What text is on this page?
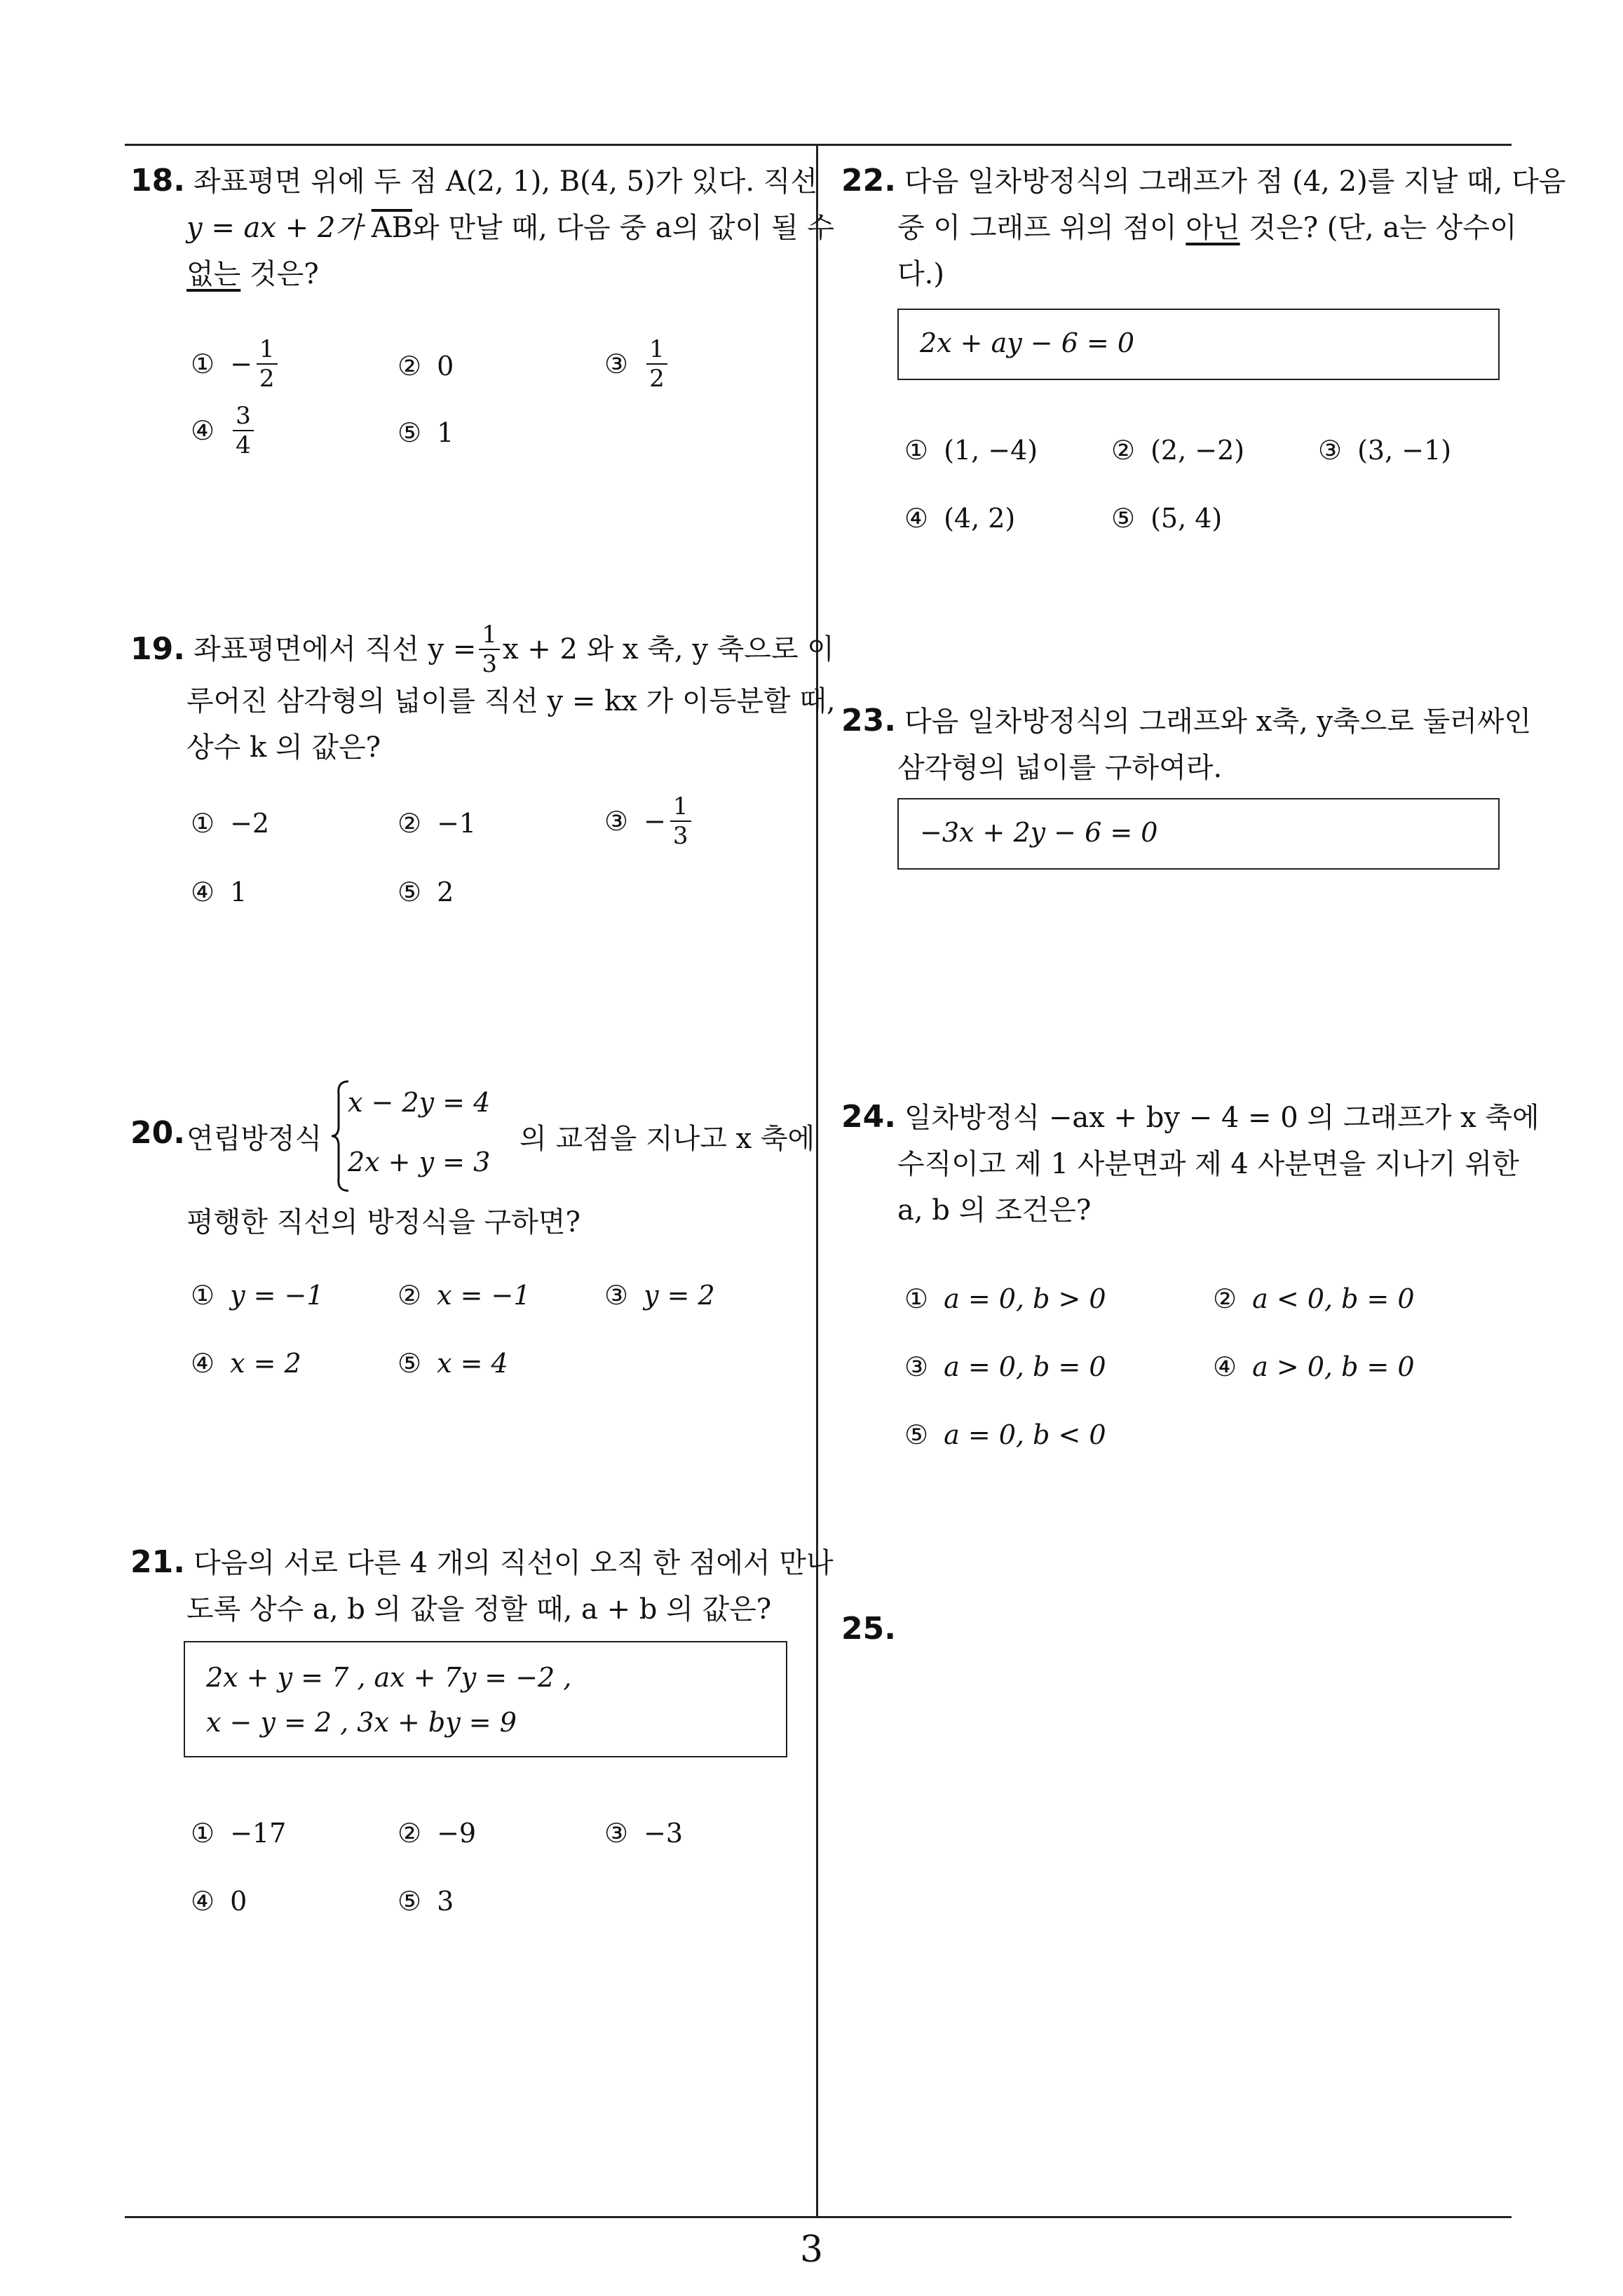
18. 좌표평면 위에 두 점 A(2, 1), B(4, 5)가 있다. 직선
y = ax + 2가 $\overline{AB}$와 만날 때, 다음 중 a의 값이 될 수
없는 것은?
① − $\frac{1}{2}$	② 0	③ $\frac{1}{2}$
④ $\frac{3}{4}$	⑤ 1
19. 좌표평면에서 직선 $y = \frac{1}{3}$ x + 2 와 x 축, y 축으로 이
루어진 삼각형의 넓이를 직선 y = kx 가 이등분할 때,
상수 k 의 값은?
① −2	② −1	③ − $\frac{1}{3}$
④ 1	⑤ 2
20. 연립방정식
x − 2y = 4
2x + y = 3
의 교점을 지나고 x 축에
평행한 직선의 방정식을 구하면?
① y = −1	② x = −1	③ y = 2
④ x = 2	⑤ x = 4
21. 다음의 서로 다른 4 개의 직선이 오직 한 점에서 만나
도록 상수 a, b 의 값을 정할 때, a + b 의 값은?
2x + y = 7 , ax + 7y = −2 ,
x − y = 2 , 3x + by = 9
① −17	② −9	③ −3
④ 0	⑤ 3
22. 다음 일차방정식의 그래프가 점 (4, 2)를 지날 때, 다음
중 이 그래프 위의 점이 아닌 것은? (단, a는 상수이
다.)
2x + ay − 6 = 0
① (1, −4)	② (2, −2)	③ (3, −1)
④ (4, 2)	⑤ (5, 4)
23. 다음 일차방정식의 그래프와 x축, y축으로 둘러싸인
삼각형의 넓이를 구하여라.
−3x + 2y − 6 = 0
24. 일차방정식 −ax + by − 4 = 0 의 그래프가 x 축에
수직이고 제 1 사분면과 제 4 사분면을 지나기 위한
a, b 의 조건은?
① a = 0, b > 0	② a < 0, b = 0
③ a = 0, b = 0	④ a > 0, b = 0
⑤ a = 0, b < 0
25.
3
